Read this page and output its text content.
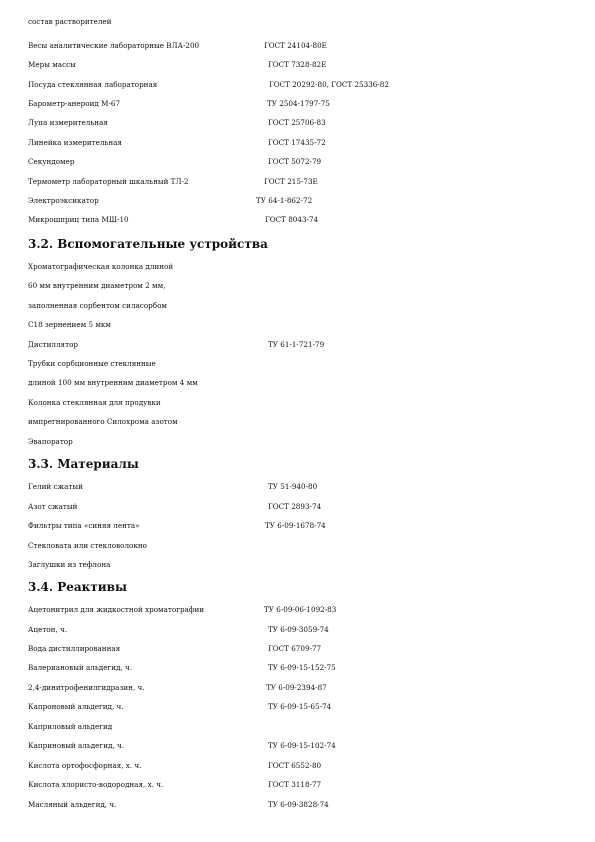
состав растворителей
Весы аналитические лабораторные ВЛА-200	ГОСТ 24104-80Е
Меры массы	ГОСТ 7328-82Е
Посуда стеклянная лабораторная	ГОСТ 20292-80, ГОСТ 25336-82
Барометр-анероид М-67	ТУ 2504-1797-75
Лупа измерительная	ГОСТ 25706-83
Линейка измерительная	ГОСТ 17435-72
Секундомер	ГОСТ 5072-79
Термометр лабораторный шкальный ТЛ-2	ГОСТ 215-73Е
Электроэксикатор	ТУ 64-1-862-72
Микрошприц типа МШ-10	ГОСТ 8043-74
3.2. Вспомогательные устройства
Хроматографическая колонка длиной
60 мм внутренним диаметром 2 мм,
заполненная сорбентом силасорбом
С18 зернением 5 мкм
Дистиллятор	ТУ 61-1-721-79
Трубки сорбционные стеклянные
длиной 100 мм внутренним диаметром 4 мм
Колонка стеклянная для продувки
импрегнированного Силохрома азотом
Эвапоратор
3.3. Материалы
Гелий сжатый	ТУ 51-940-80
Азот сжатый	ГОСТ 2893-74
Фильтры типа «синяя лента»	ТУ 6-09-1678-74
Стекловата или стекловолокно
Заглушки из тефлона
3.4. Реактивы
Ацетонитрил для жидкостной хроматографии	ТУ 6-09-06-1092-83
Ацетон, ч.	ТУ 6-09-3059-74
Вода дистиллированная	ГОСТ 6709-77
Валериановый альдегид, ч.	ТУ 6-09-15-152-75
2,4-динитрофенилгидразин, ч.	ТУ 6-09-2394-87
Капроновый альдегид, ч.	ТУ 6-09-15-65-74
Каприловый альдегид
Каприновый альдегид, ч.	ТУ 6-09-15-102-74
Кислота ортофосфорная, х. ч.	ГОСТ 6552-80
Кислота хлористо-водородная, х. ч.	ГОСТ 3118-77
Масляный альдегид, ч.	ТУ 6-09-3828-74
